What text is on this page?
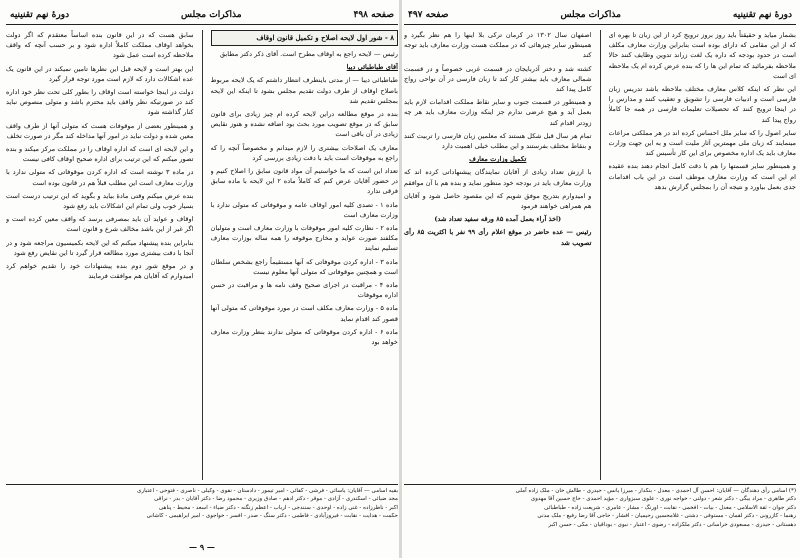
دورهٔ نهم تقنینیه
مذاکرات مجلس
صفحه ۴۹۷

بشمار میاید و حقیقتاً باید روز بروز ترویج کرد از این زبان تا بهره ای که از این مقامی که دارای بوده است بنابراین وزارت معارف مکلف است در حدود بودجه که داره یک لغت زراند تدوین وظایف کنند حالا ملاحظه بفرمائید که تمام این ها را که بنده عرض کرده ام یک ملاحظه ای است

این نظر که اینکه کلاس معارف مختلف ملاحظه باشد تدریس زبان فارسی است و ادبیات فارسی را تشویق و تعقیب کنند و مدارس را در اینجا ترویج کنند که تحصیلات تعلیمات فارسی در همه جا کاملاً رواج پیدا کند

سایر اصول را که سایر ملل احساس کرده اند در هر مملکتی مراعات مینمایند که زبان ملی مهمترین آثار ملیت است و به این جهت وزارت معارف باید یک اداره مخصوص برای این کار تأسیس کند

و همینطور سایر قسمتها را هم با دقت کامل انجام دهند بنده عقیده ام این است که وزارت معارف موظف است در این باب اقدامات جدی بعمل بیاورد و نتیجه آن را بمجلس گزارش بدهد

اصفهان سال ۱۳۰۲ در کرمان ترکی بلا اینها را هم نظر بگیرد و همینطور سایر چیزهائی که در مملکت هست وزارت معارف باید توجه کند

کشته شد و دختر آذربایجان در قسمت غربی خصوصاً و در قسمت شمالی معارف باید بیشتر کار کند تا زبان فارسی در آن نواحی رواج کامل پیدا کند

و همینطور در قسمت جنوب و سایر نقاط مملکت اقدامات لازم باید بعمل آید و هیچ عرضی ندارم جز اینکه وزارت معارف باید هر چه زودتر اقدام کند

تمام هر سال قبل شکل هستند که معلمین زبان فارسی را تربیت کنند و بنقاط مختلف بفرستند و این مطلب خیلی اهمیت دارد

تکمیل وزارت معارف

با ارزش تعداد زیادی از آقایان نمایندگان پیشنهاداتی کرده اند که وزارت معارف باید در بودجه خود منظور نماید و بنده هم با آن موافقم

و امیدوارم بتدریج موفق شویم که این مقصود حاصل شود و آقایان هم همراهی خواهند فرمود

(اخذ آراء بعمل آمده ۸۵ ورقه سفید تعداد شد)

رئیس — عده حاضر در موقع اعلام رأی ۹۹ نفر با اکثریت ۸۵ رأی تصویب شد

(*) اسامی رأی دهندگان — آقایان: احسن آل احمدی - معدل - بنکدار - میرزا یانس - حیدری - طالش خان - ملک زاده آملی
دکتر طاهری - مراد بیگی - دکتر شعر - دولتی - خواجه نوری - علوی سبزواری - مؤید احمدی - حاج حسین آقا مهدوی
دکتر جوان - ثقة الاسلامی - معدل - بیات - افخمی - نقابت - اورنگ - مشار - عامری - شریعت زاده - طباطبائی
رهنما - کازرونی - دکتر لقمان - مستوفی - دشتی - غلامحسین رحیمیان - افشار - حاجی آقا رضا رفیع - ملک مدنی
دهستانی - حیدری - مسعودی خراسانی - دکتر ملکزاده - رضوی - اعتبار - نبوی - بوداقیان - مکی - حسن اکبر
صفحه ۴۹۸
مذاکرات مجلس
دورهٔ نهم تقنینیه
۸ - شور اول لایحه اصلاح و تکمیل قانون اوقاف

رئیس — لایحه راجع به اوقاف مطرح است. آقای ذکر دکتر مطابق

آقای طباطبائی دیبا

طباطبائی دیبا — از مدتی باینطرف انتظار داشتم که یک لایحه مربوط باصلاح اوقاف از طرف دولت تقدیم مجلس بشود تا اینکه این لایحه بمجلس تقدیم شد

بنده در موقع مطالعه دراین لایحه کرده ام چیز زیادی برای قانون سابق که در موقع تصویب مورد بحث بود اضافه نشده و هنوز نقایص زیادی در آن باقی است

معارف یک اصلاحات بیشتری را لازم میدانم و مخصوصاً آنچه را که راجع به موقوفات است باید با دقت زیادی بررسی کرد

تعداد این است که ما خواستیم آن مواد قانون سابق را اصلاح کنیم و در حضور آقایان عرض کنم که کاملاً ماده ۲ این لایحه با ماده سابق فرقی ندارد

ماده ۱ - تصدی کلیه امور اوقاف عامه و موقوفاتی که متولی ندارد با وزارت معارف است

ماده ۲ - نظارت کلیه امور موقوفات با وزارت معارف است و متولیان مکلفند صورت عواید و مخارج موقوفه را همه ساله بوزارت معارف تسلیم نمایند

ماده ۳ - اداره کردن موقوفاتی که آنها مستقیماً راجع بشخص سلطان است و همچنین موقوفاتی که متولی آنها معلوم نیست

ماده ۴ - مراقبت در اجرای صحیح وقف نامه ها و مراقبت در حسن اداره موقوفات

ماده ۵ - وزارت معارف مکلف است در مورد موقوفاتی که متولی آنها قصور کند اقدام نماید

ماده ۶ - اداره کردن موقوفاتی که متولی ندارند بنظر وزارت معارف خواهد بود

سابق هست که در این قانون بنده اساساً معتقدم که اگر دولت بخواهد اوقاف مملکت کاملاً اداره شود و بر حسب آنچه که واقف ملاحظه کرده است عمل شود

این بهتر است و لایحه قبل این نظرها تامین نمیکند در این قانون یک عده اشکالات دارد که لازم است مورد توجه قرار گیرد

دولت در اینجا خواسته است اوقاف را بطور کلی تحت نظر خود اداره کند در صورتیکه نظر واقف باید محترم باشد و متولی منصوص نباید کنار گذاشته شود

و همینطور بعضی از موقوفات هست که متولی آنها از طرف واقف معین شده و دولت نباید در امور آنها مداخله کند مگر در صورت تخلف

و این لایحه ای است که اداره اوقاف را در مملکت مرکز میکند و بنده تصور میکنم که این ترتیب برای اداره صحیح اوقاف کافی نیست

در ماده ۳ نوشته است که اداره کردن موقوفاتی که متولی ندارد با وزارت معارف است این مطلب قبلاً هم در قانون بوده است

بنده عرض میکنم وقتی مادهٔ بیاید و بگوید که این ترتیب درست است بسیار خوب ولی تمام این اشکالات باید رفع شود

اوقاف و عواید آن باید بمصرفی برسد که واقف معین کرده است و اگر غیر از این باشد مخالف شرع و قانون است

بنابراین بنده پیشنهاد میکنم که این لایحه بکمیسیون مراجعه شود و در آنجا با دقت بیشتری مورد مطالعه قرار گیرد تا این نقایص رفع شود

و در موقع شور دوم بنده پیشنهادات خود را تقدیم خواهم کرد امیدوارم که آقایان هم موافقت فرمایند

بقیه اسامی — آقایان: یاسائی - فرشی - کفائی - امیر تیمور - دادستان - نقوی - وکیلی - ناصری - فتوحی - اعتباری
مجد ضیائی - اسکندری - آزادی - موقر - دکتر ادهم - صادق وزیری - محمود رضا - دکتر آقایان - بدر - نراقی
اکبر - ناظرزاده - غنی زاده - اوحدی - سنندجی - ارباب - اعظم زنگنه - دکتر ضیاء - اسعد - محیط - پناهی
حکمت - هدایت - نقابت - فیروزآبادی - فاطمی - دکتر سنگ - صدر - افسر - خواجوی - امیر ابراهیمی - کاشانی
— ۹ —
